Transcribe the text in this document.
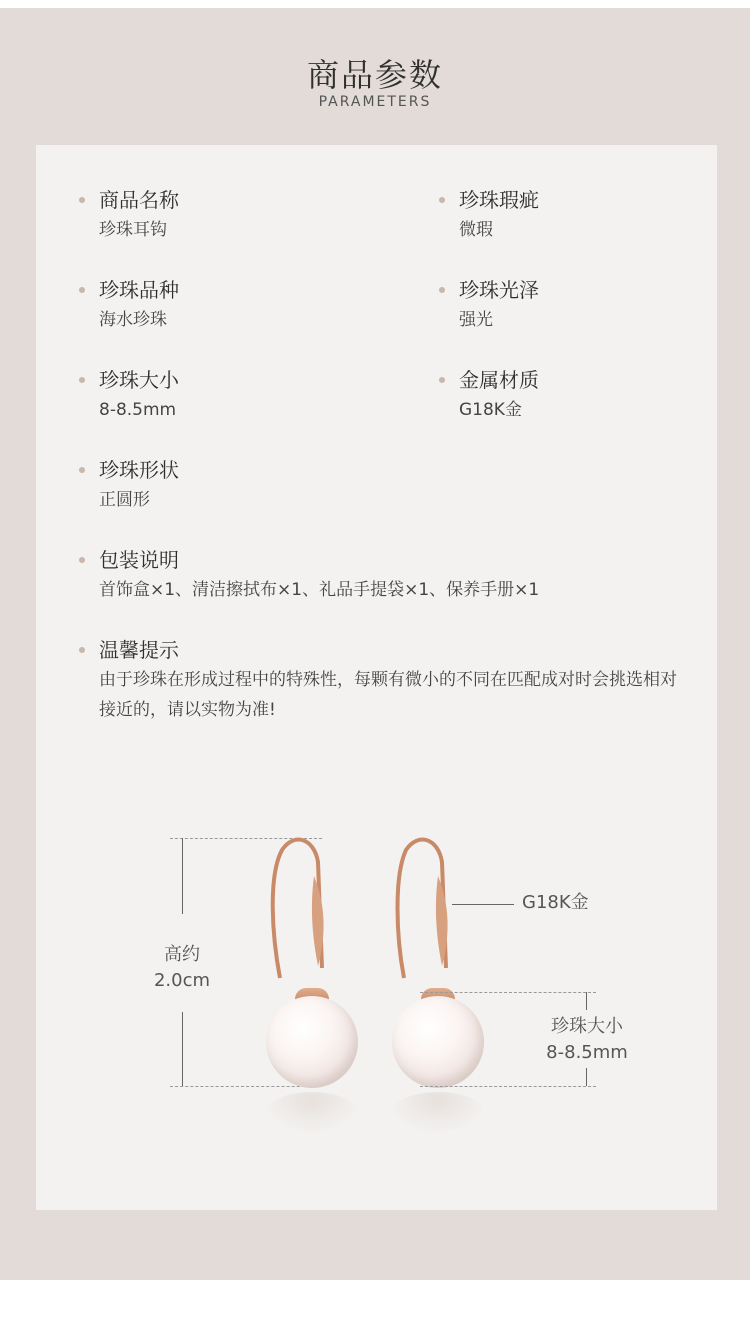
商品参数
PARAMETERS
商品名称
珍珠耳钩
珍珠瑕疵
微瑕
珍珠品种
海水珍珠
珍珠光泽
强光
珍珠大小
8-8.5mm
金属材质
G18K金
珍珠形状
正圆形
包装说明
首饰盒×1、清洁擦拭布×1、礼品手提袋×1、保养手册×1
温馨提示
由于珍珠在形成过程中的特殊性，每颗有微小的不同在匹配成对时会挑选相对接近的，请以实物为准!
高约
2.0cm
G18K金
珍珠大小
8-8.5mm
